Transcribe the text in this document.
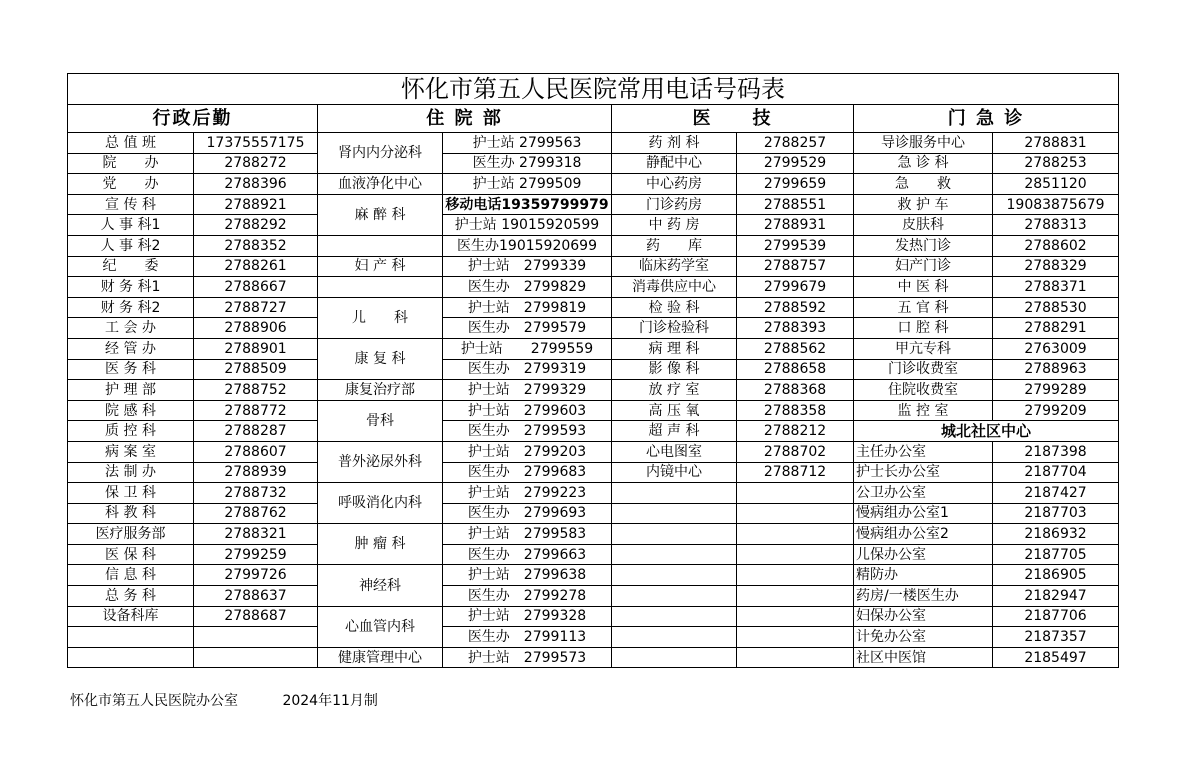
怀化市第五人民医院常用电话号码表							
行政后勤		住 院 部		医　　技		门 急 诊	
总 值 班	17375557175	肾内内分泌科	护士站 2799563	药 剂 科	2788257	导诊服务中心	2788831
院　　办	2788272		医生办 2799318	静配中心	2799529	急 诊 科	2788253
党　　办	2788396	血液净化中心	护士站 2799509	中心药房	2799659	急　　救	2851120
宣 传 科	2788921	麻 醉 科	移动电话19359799979	门诊药房	2788551	救 护 车	19083875679
人 事 科1	2788292		护士站 19015920599	中 药 房	2788931	皮肤科	2788313
人 事 科2	2788352		医生办19015920699	药　　库	2799539	发热门诊	2788602
纪　　委	2788261	妇 产 科	护士站　2799339	临床药学室	2788757	妇产门诊	2788329
财 务 科1	2788667		医生办　2799829	消毒供应中心	2799679	中 医 科	2788371
财 务 科2	2788727	儿　　科	护士站　2799819	检 验 科	2788592	五 官 科	2788530
工 会 办	2788906		医生办　2799579	门诊检验科	2788393	口 腔 科	2788291
经 管 办	2788901	康 复 科	护士站　　2799559	病 理 科	2788562	甲亢专科	2763009
医 务 科	2788509		医生办　2799319	影 像 科	2788658	门诊收费室	2788963
护 理 部	2788752	康复治疗部	护士站　2799329	放 疗 室	2788368	住院收费室	2799289
院 感 科	2788772	骨科	护士站　2799603	高 压 氧	2788358	监 控 室	2799209
质 控 科	2788287		医生办　2799593	超 声 科	2788212	城北社区中心	
病 案 室	2788607	普外泌尿外科	护士站　2799203	心电图室	2788702	主任办公室	2187398
法 制 办	2788939		医生办　2799683	内镜中心	2788712	护士长办公室	2187704
保 卫 科	2788732	呼吸消化内科	护士站　2799223			公卫办公室	2187427
科 教 科	2788762		医生办　2799693			慢病组办公室1	2187703
医疗服务部	2788321	肿 瘤 科	护士站　2799583			慢病组办公室2	2186932
医 保 科	2799259		医生办　2799663			儿保办公室	2187705
信 息 科	2799726	神经科	护士站　2799638			精防办	2186905
总 务 科	2788637		医生办　2799278			药房/一楼医生办	2182947
设备科库	2788687	心血管内科	护士站　2799328			妇保办公室	2187706
			医生办　2799113			计免办公室	2187357
		健康管理中心	护士站　2799573			社区中医馆	2185497
怀化市第五人民医院办公室	2024年11月制
